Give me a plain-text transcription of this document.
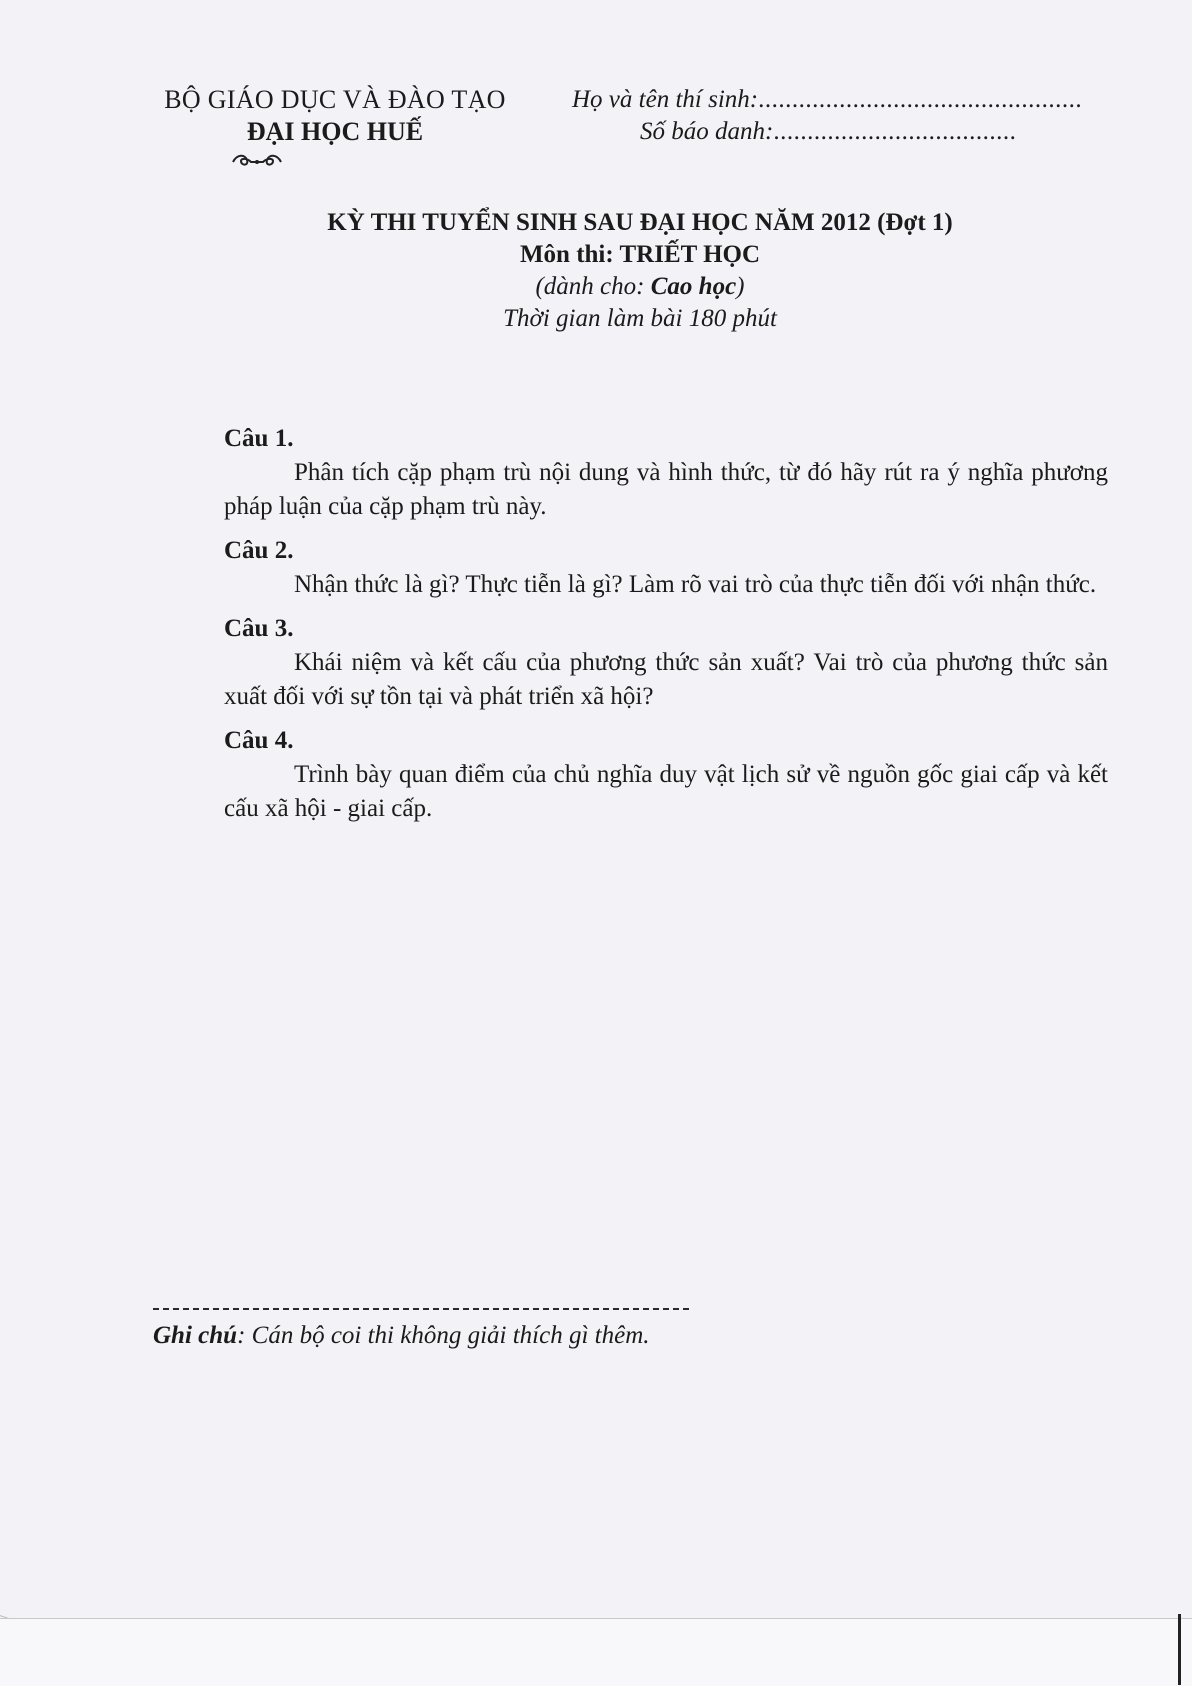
BỘ GIÁO DỤC VÀ ĐÀO TẠO
ĐẠI HỌC HUẾ
Họ và tên thí sinh:................................................
Số báo danh:....................................
KỲ THI TUYỂN SINH SAU ĐẠI HỌC NĂM 2012 (Đợt 1)
Môn thi: TRIẾT HỌC
(dành cho: Cao học)
Thời gian làm bài 180 phút
Câu 1.

Phân tích cặp phạm trù nội dung và hình thức, từ đó hãy rút ra ý nghĩa phương pháp luận của cặp phạm trù này.

Câu 2.

Nhận thức là gì? Thực tiễn là gì? Làm rõ vai trò của thực tiễn đối với nhận thức.

Câu 3.

Khái niệm và kết cấu của phương thức sản xuất? Vai trò của phương thức sản xuất đối với sự tồn tại và phát triển xã hội?

Câu 4.

Trình bày quan điểm của chủ nghĩa duy vật lịch sử về nguồn gốc giai cấp và kết cấu xã hội - giai cấp.

Ghi chú: Cán bộ coi thi không giải thích gì thêm.
